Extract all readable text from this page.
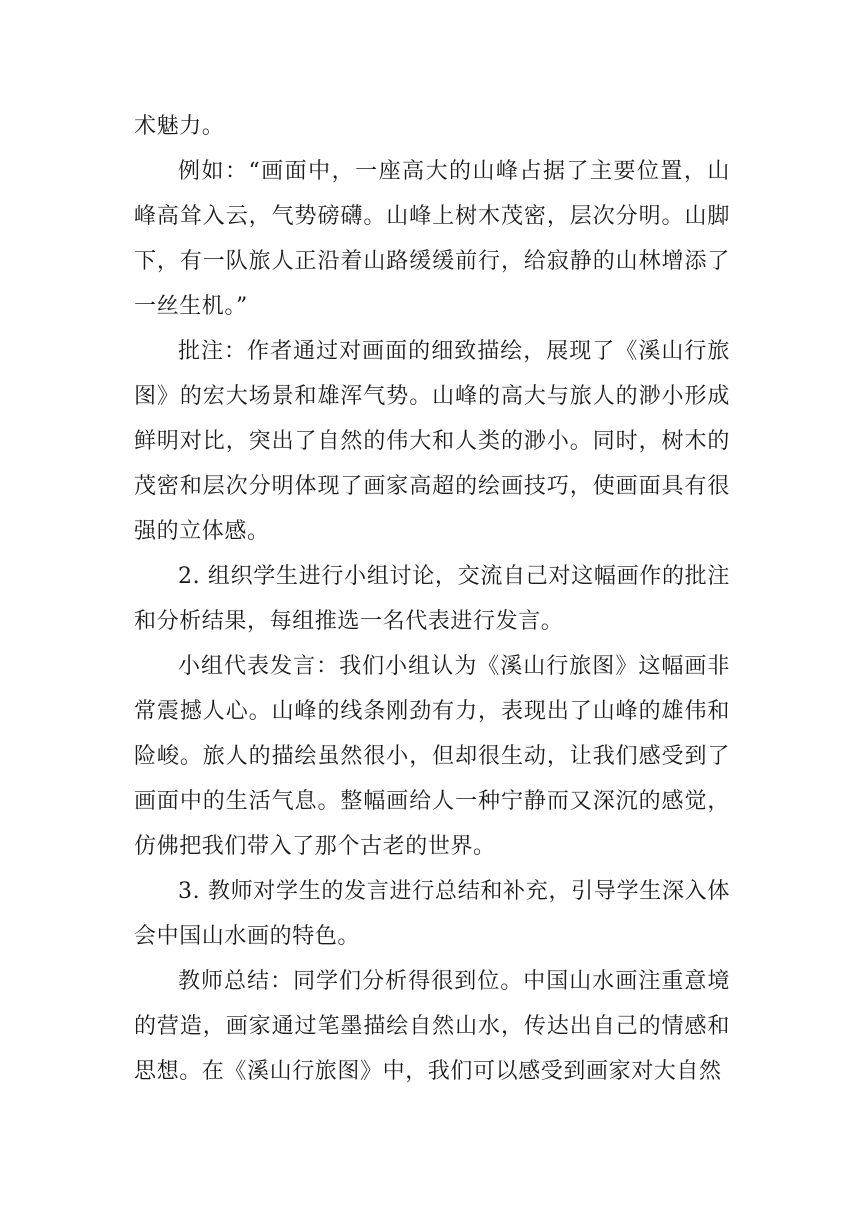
术魅力。

例如：“画面中，一座高大的山峰占据了主要位置，山峰高耸入云，气势磅礴。山峰上树木茂密，层次分明。山脚下，有一队旅人正沿着山路缓缓前行，给寂静的山林增添了一丝生机。”

批注：作者通过对画面的细致描绘，展现了《溪山行旅图》的宏大场景和雄浑气势。山峰的高大与旅人的渺小形成鲜明对比，突出了自然的伟大和人类的渺小。同时，树木的茂密和层次分明体现了画家高超的绘画技巧，使画面具有很强的立体感。

2. 组织学生进行小组讨论，交流自己对这幅画作的批注和分析结果，每组推选一名代表进行发言。

小组代表发言：我们小组认为《溪山行旅图》这幅画非常震撼人心。山峰的线条刚劲有力，表现出了山峰的雄伟和险峻。旅人的描绘虽然很小，但却很生动，让我们感受到了画面中的生活气息。整幅画给人一种宁静而又深沉的感觉，仿佛把我们带入了那个古老的世界。

3. 教师对学生的发言进行总结和补充，引导学生深入体会中国山水画的特色。

教师总结：同学们分析得很到位。中国山水画注重意境的营造，画家通过笔墨描绘自然山水，传达出自己的情感和思想。在《溪山行旅图》中，我们可以感受到画家对大自然
